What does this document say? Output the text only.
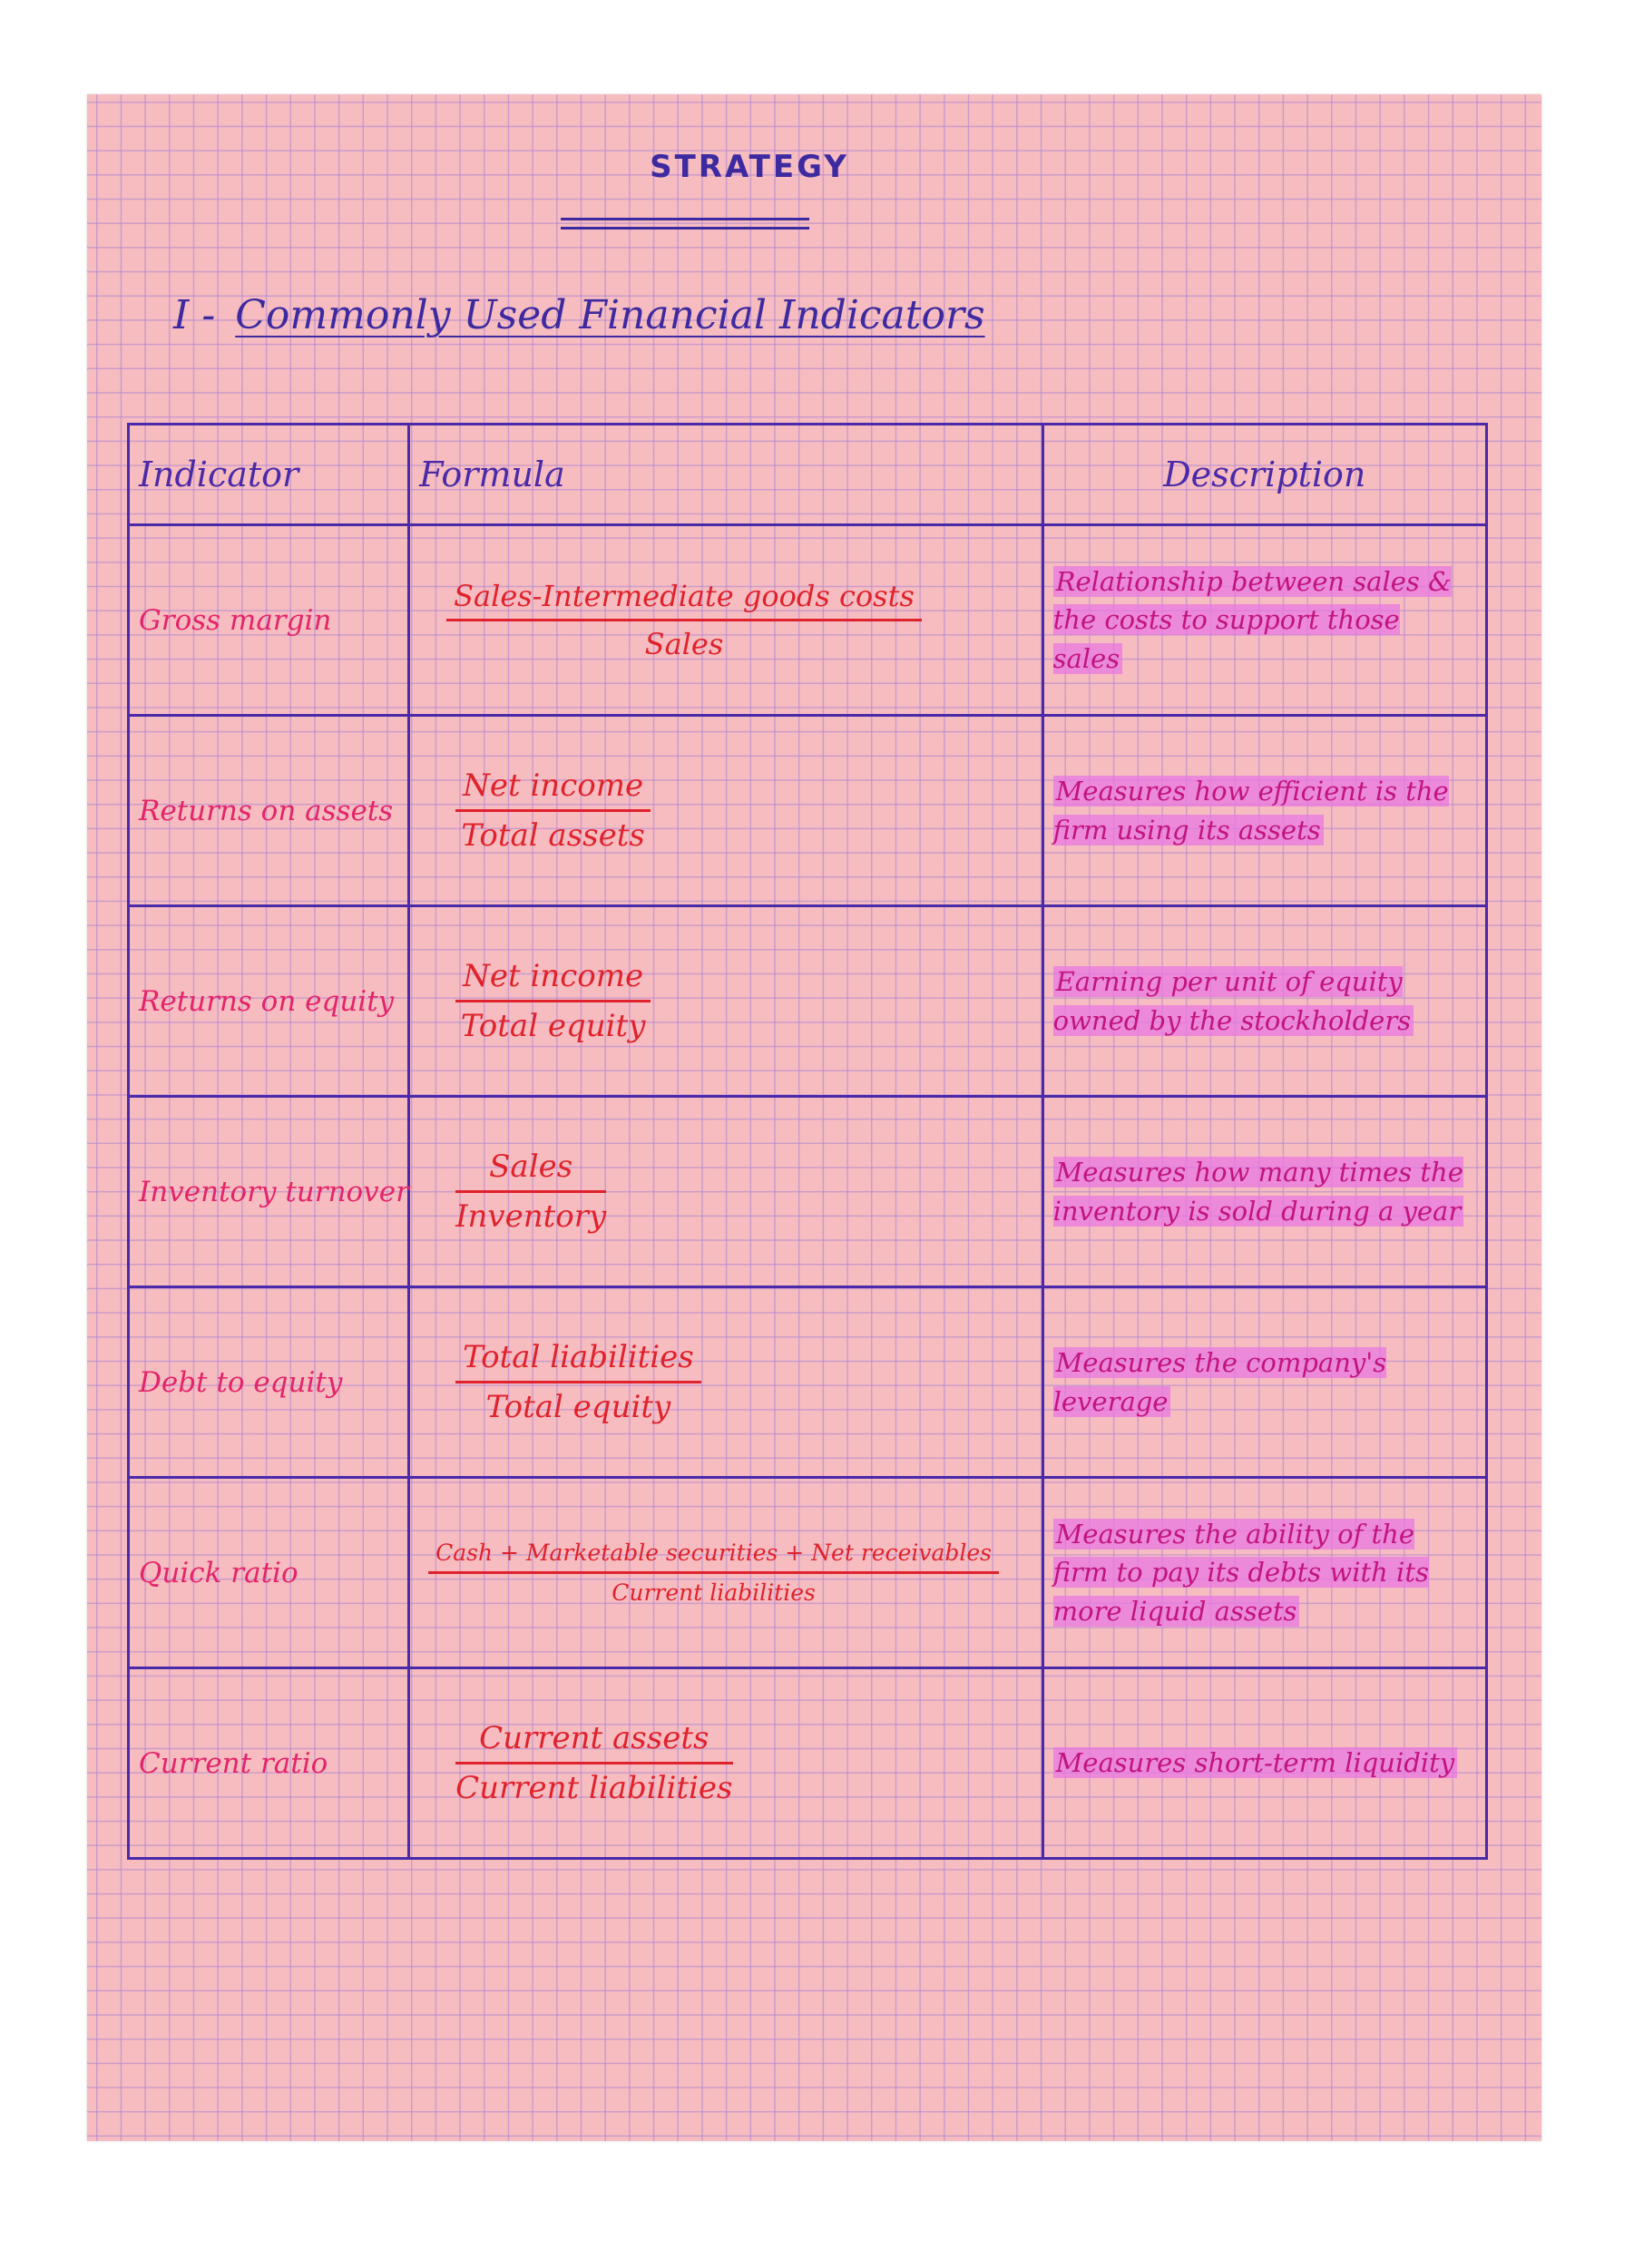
STRATEGY
I - Commonly Used Financial Indicators
Indicator	Formula	Description
Gross margin	$\frac{\text{Sales-Intermediate goods costs}}{\text{Sales}}$	Relationship between sales & the costs to support those sales

Returns on assets	$\frac{\text{Net income}}{\text{Total assets}}$	Measures how efficient is the firm using its assets

Returns on equity	$\frac{\text{Net income}}{\text{Total equity}}$	Earning per unit of equity owned by the stockholders

Inventory turnover	$\frac{\text{Sales}}{\text{Inventory}}$	Measures how many times the inventory is sold during a year

Debt to equity	$\frac{\text{Total liabilities}}{\text{Total equity}}$	Measures the company's leverage

Quick ratio	$\frac{\text{Cash + Marketable securities + Net receivables}}{\text{Current liabilities}}$	Measures the ability of the firm to pay its debts with its more liquid assets

Current ratio	$\frac{\text{Current assets}}{\text{Current liabilities}}$	Measures short-term liquidity
